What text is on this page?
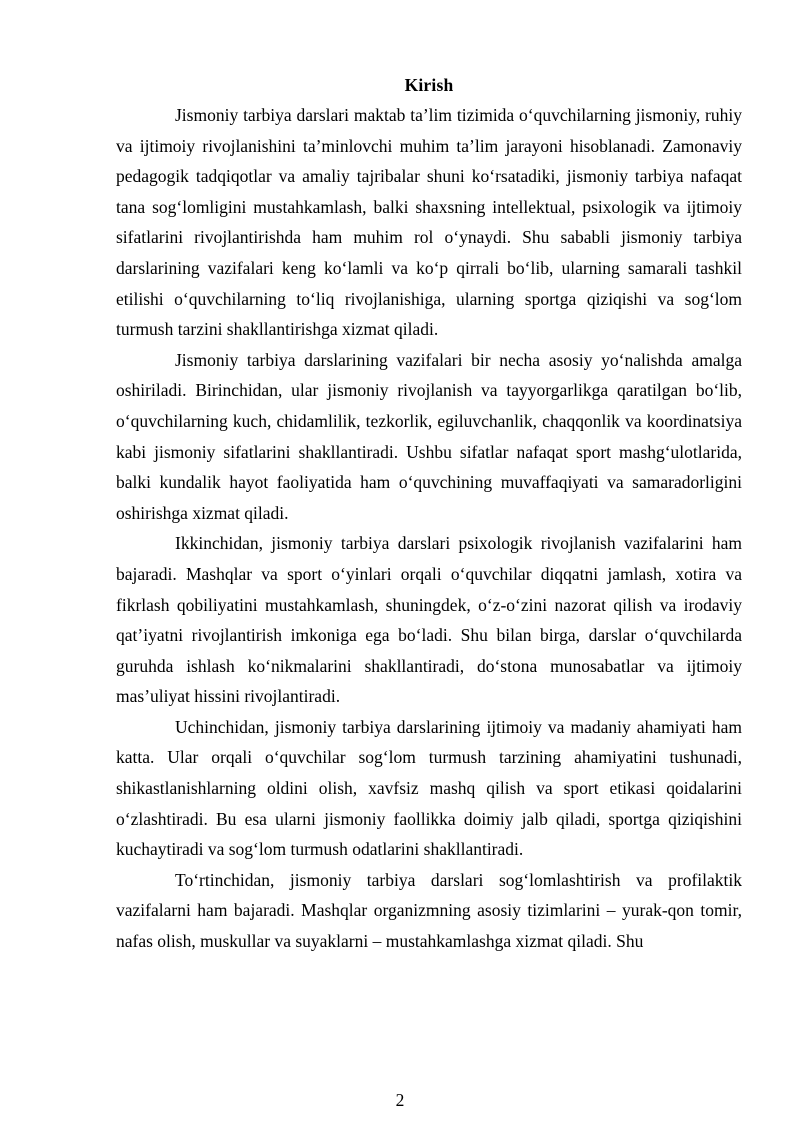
Kirish

Jismoniy tarbiya darslari maktab ta’lim tizimida o‘quvchilarning jismoniy, ruhiy va ijtimoiy rivojlanishini ta’minlovchi muhim ta’lim jarayoni hisoblanadi. Zamonaviy pedagogik tadqiqotlar va amaliy tajribalar shuni ko‘rsatadiki, jismoniy tarbiya nafaqat tana sog‘lomligini mustahkamlash, balki shaxsning intellektual, psixologik va ijtimoiy sifatlarini rivojlantirishda ham muhim rol o‘ynaydi. Shu sababli jismoniy tarbiya darslarining vazifalari keng ko‘lamli va ko‘p qirrali bo‘lib, ularning samarali tashkil etilishi o‘quvchilarning to‘liq rivojlanishiga, ularning sportga qiziqishi va sog‘lom turmush tarzini shakllantirishga xizmat qiladi.

Jismoniy tarbiya darslarining vazifalari bir necha asosiy yo‘nalishda amalga oshiriladi. Birinchidan, ular jismoniy rivojlanish va tayyorgarlikga qaratilgan bo‘lib, o‘quvchilarning kuch, chidamlilik, tezkorlik, egiluvchanlik, chaqqonlik va koordinatsiya kabi jismoniy sifatlarini shakllantiradi. Ushbu sifatlar nafaqat sport mashg‘ulotlarida, balki kundalik hayot faoliyatida ham o‘quvchining muvaffaqiyati va samaradorligini oshirishga xizmat qiladi.

Ikkinchidan, jismoniy tarbiya darslari psixologik rivojlanish vazifalarini ham bajaradi. Mashqlar va sport o‘yinlari orqali o‘quvchilar diqqatni jamlash, xotira va fikrlash qobiliyatini mustahkamlash, shuningdek, o‘z-o‘zini nazorat qilish va irodaviy qat’iyatni rivojlantirish imkoniga ega bo‘ladi. Shu bilan birga, darslar o‘quvchilarda guruhda ishlash ko‘nikmalarini shakllantiradi, do‘stona munosabatlar va ijtimoiy mas’uliyat hissini rivojlantiradi.

Uchinchidan, jismoniy tarbiya darslarining ijtimoiy va madaniy ahamiyati ham katta. Ular orqali o‘quvchilar sog‘lom turmush tarzining ahamiyatini tushunadi, shikastlanishlarning oldini olish, xavfsiz mashq qilish va sport etikasi qoidalarini o‘zlashtiradi. Bu esa ularni jismoniy faollikka doimiy jalb qiladi, sportga qiziqishini kuchaytiradi va sog‘lom turmush odatlarini shakllantiradi.

To‘rtinchidan, jismoniy tarbiya darslari sog‘lomlashtirish va profilaktik vazifalarni ham bajaradi. Mashqlar organizmning asosiy tizimlarini – yurak-qon tomir, nafas olish, muskullar va suyaklarni – mustahkamlashga xizmat qiladi. Shu

2
